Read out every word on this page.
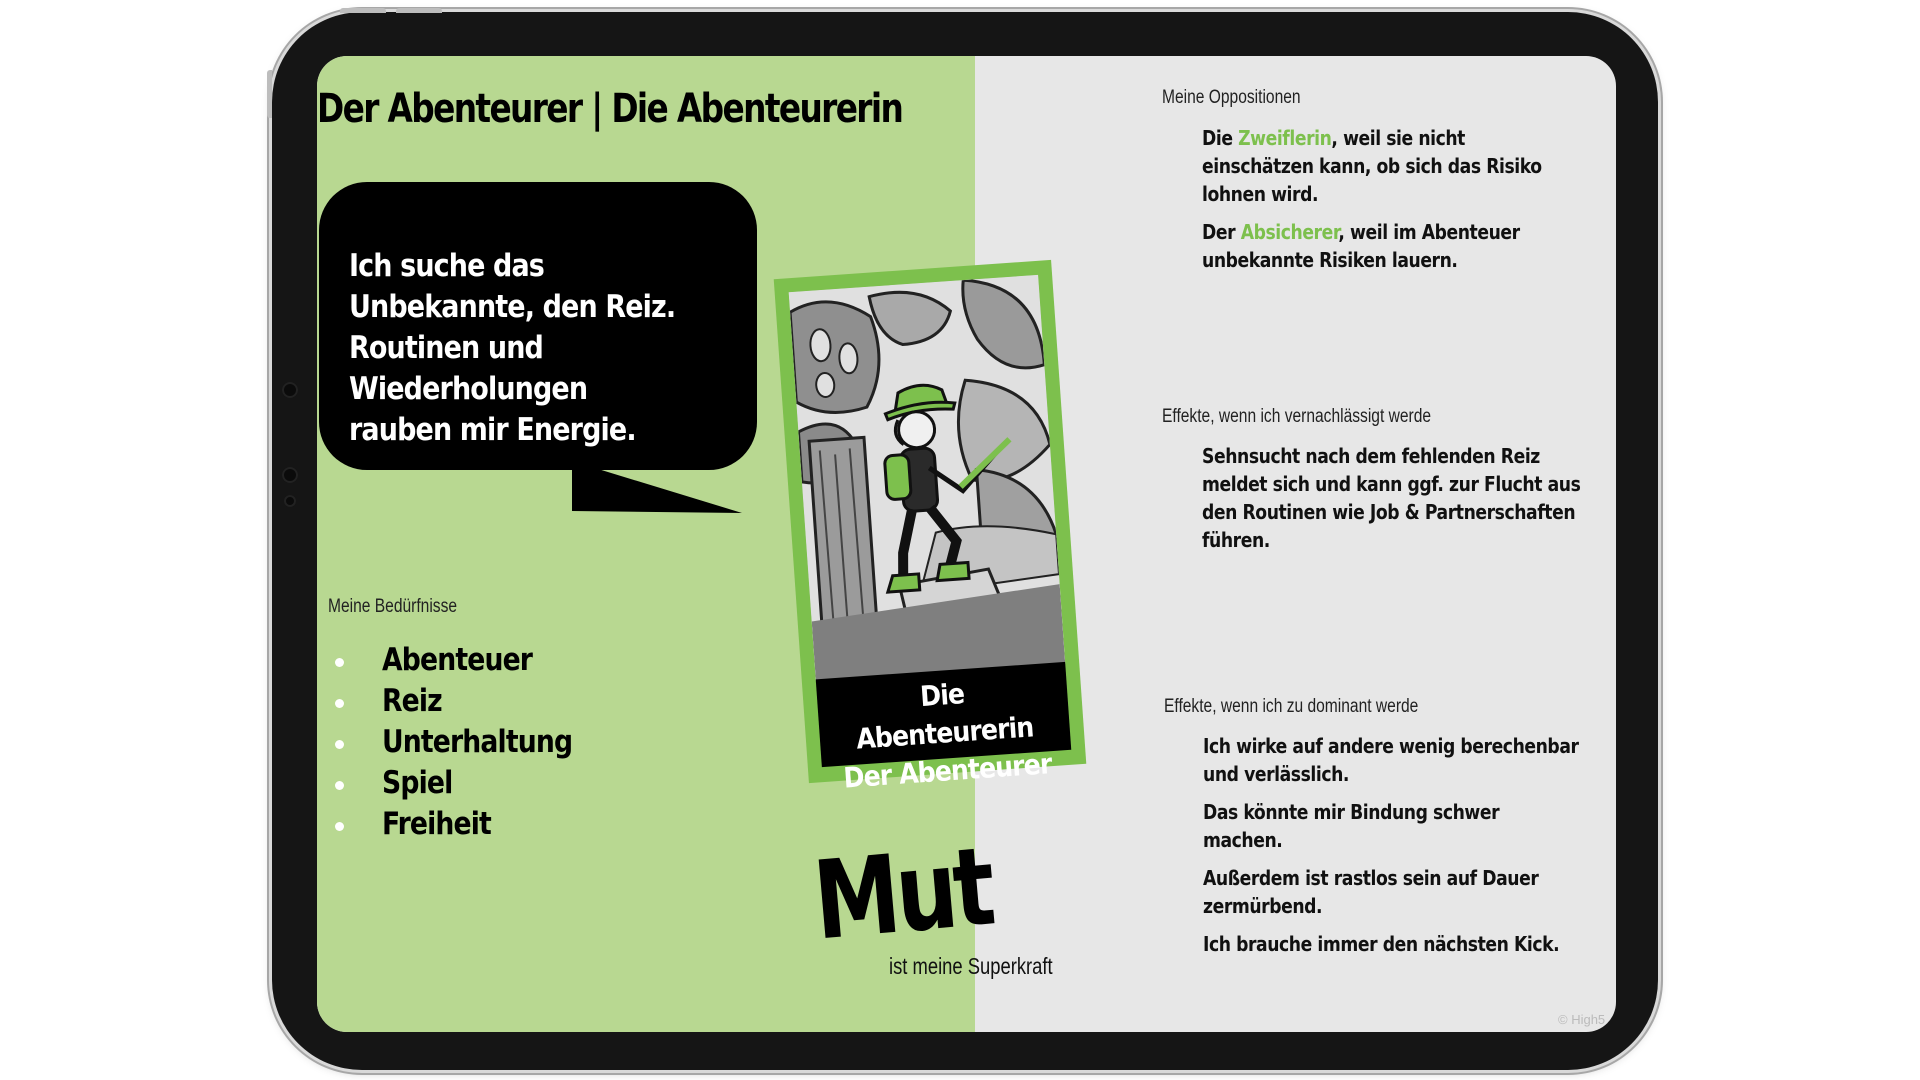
Der Abenteurer | Die Abenteurerin

Ich suche das Unbekannte, den Reiz. Routinen und Wiederholungen rauben mir Energie.

Meine Bedürfnisse

Abenteuer
Reiz
Unterhaltung
Spiel
Freiheit
Die Abenteurerin
Der Abenteurer

Mut

ist meine Superkraft

Meine Oppositionen

Die Zweiflerin, weil sie nicht einschätzen kann, ob sich das Risiko lohnen wird.

Der Absicherer, weil im Abenteuer unbekannte Risiken lauern.

Effekte, wenn ich vernachlässigt werde

Sehnsucht nach dem fehlenden Reiz meldet sich und kann ggf. zur Flucht aus den Routinen wie Job & Partnerschaften führen.

Effekte, wenn ich zu dominant werde

Ich wirke auf andere wenig berechenbar und verlässlich.

Das könnte mir Bindung schwer machen.

Außerdem ist rastlos sein auf Dauer zermürbend.

Ich brauche immer den nächsten Kick.

© High5
